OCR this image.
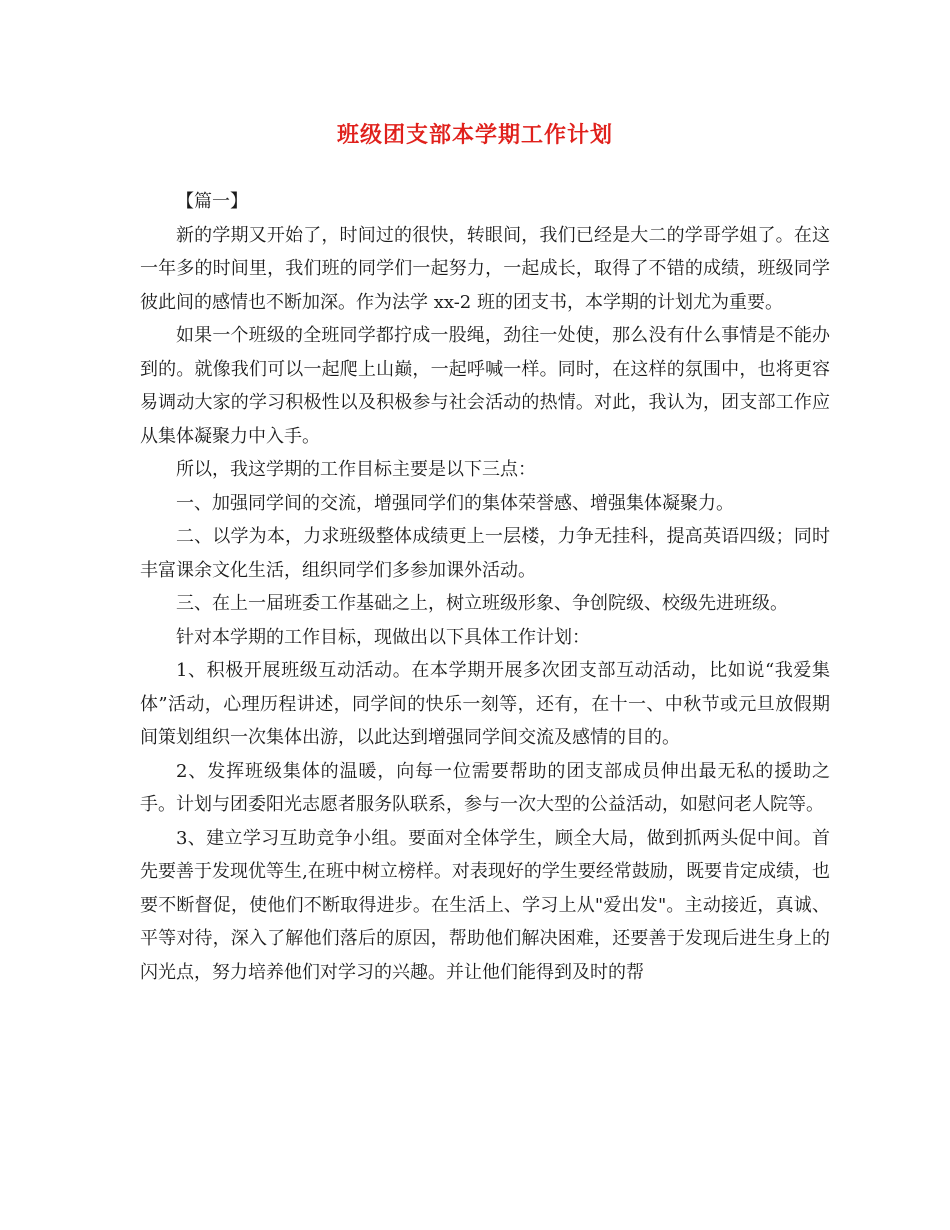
班级团支部本学期工作计划

【篇一】

新的学期又开始了，时间过的很快，转眼间，我们已经是大二的学哥学姐了。在这一年多的时间里，我们班的同学们一起努力，一起成长，取得了不错的成绩，班级同学彼此间的感情也不断加深。作为法学 xx-2 班的团支书，本学期的计划尤为重要。

如果一个班级的全班同学都拧成一股绳，劲往一处使，那么没有什么事情是不能办到的。就像我们可以一起爬上山巅，一起呼喊一样。同时，在这样的氛围中，也将更容易调动大家的学习积极性以及积极参与社会活动的热情。对此，我认为，团支部工作应从集体凝聚力中入手。

所以，我这学期的工作目标主要是以下三点：

一、加强同学间的交流，增强同学们的集体荣誉感、增强集体凝聚力。

二、以学为本，力求班级整体成绩更上一层楼，力争无挂科，提高英语四级；同时丰富课余文化生活，组织同学们多参加课外活动。

三、在上一届班委工作基础之上，树立班级形象、争创院级、校级先进班级。

针对本学期的工作目标，现做出以下具体工作计划：

1、积极开展班级互动活动。在本学期开展多次团支部互动活动，比如说“我爱集体”活动，心理历程讲述，同学间的快乐一刻等，还有，在十一、中秋节或元旦放假期间策划组织一次集体出游，以此达到增强同学间交流及感情的目的。

2、发挥班级集体的温暖，向每一位需要帮助的团支部成员伸出最无私的援助之手。计划与团委阳光志愿者服务队联系，参与一次大型的公益活动，如慰问老人院等。

3、建立学习互助竞争小组。要面对全体学生，顾全大局，做到抓两头促中间。首先要善于发现优等生,在班中树立榜样。对表现好的学生要经常鼓励，既要肯定成绩，也要不断督促，使他们不断取得进步。在生活上、学习上从"爱出发"。主动接近，真诚、平等对待，深入了解他们落后的原因，帮助他们解决困难，还要善于发现后进生身上的闪光点，努力培养他们对学习的兴趣。并让他们能得到及时的帮
